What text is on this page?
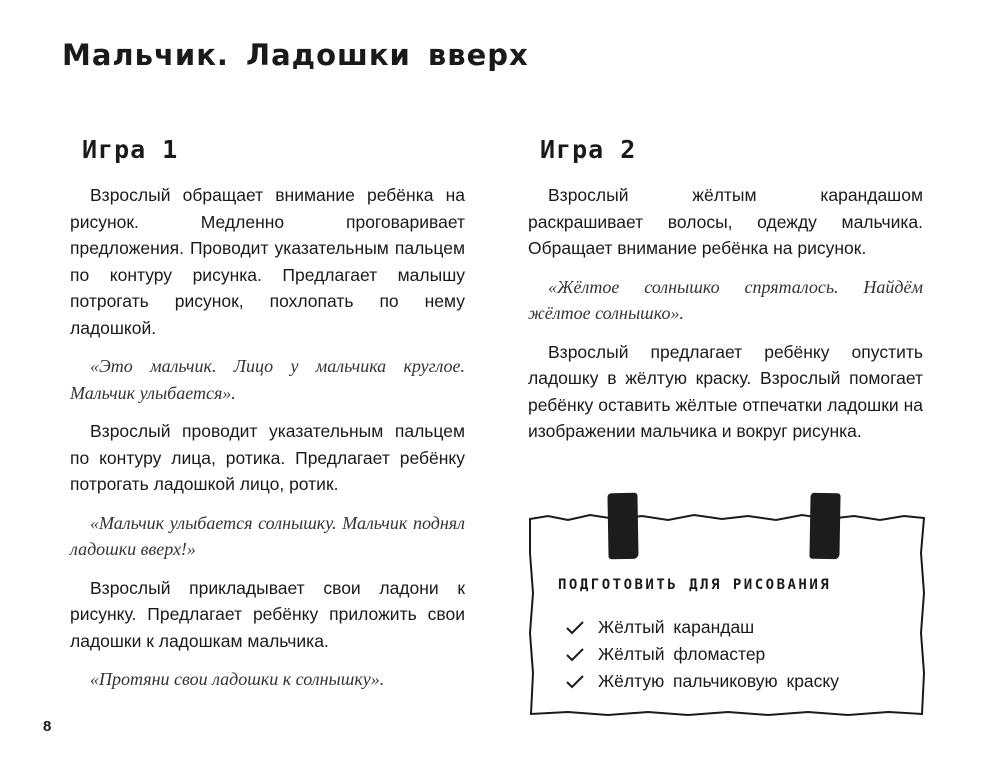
Мальчик. Ладошки вверх
Игра 1

Взрослый обращает внимание ребёнка на рисунок. Медленно проговаривает предложения. Проводит указательным пальцем по контуру рисунка. Предлагает малышу потрогать рисунок, похлопать по нему ладошкой.

«Это мальчик. Лицо у мальчика круглое. Мальчик улыбается».

Взрослый проводит указательным пальцем по контуру лица, ротика. Предлагает ребёнку потрогать ладошкой лицо, ротик.

«Мальчик улыбается солнышку. Мальчик поднял ладошки вверх!»

Взрослый прикладывает свои ладони к рисунку. Предлагает ребёнку приложить свои ладошки к ладошкам мальчика.

«Протяни свои ладошки к солнышку».

Игра 2

Взрослый жёлтым карандашом раскрашивает волосы, одежду мальчика. Обращает внимание ребёнка на рисунок.

«Жёлтое солнышко спряталось. Найдём жёлтое солнышко».

Взрослый предлагает ребёнку опустить ладошку в жёлтую краску. Взрослый помогает ребёнку оставить жёлтые отпечатки ладошки на изображении мальчика и вокруг рисунка.

ПОДГОТОВИТЬ ДЛЯ РИСОВАНИЯ
Жёлтый карандаш
Жёлтый фломастер
Жёлтую пальчиковую краску
8
